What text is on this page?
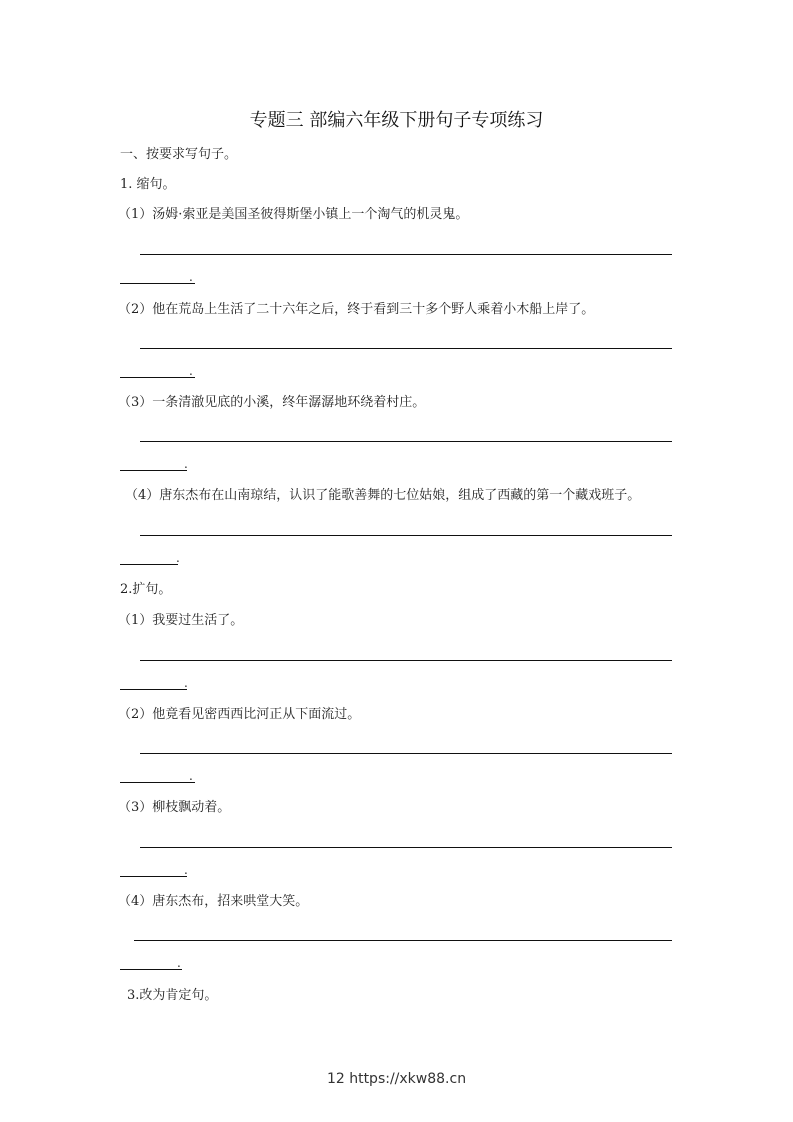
专题三 部编六年级下册句子专项练习
一、按要求写句子。
1. 缩句。
（1）汤姆·索亚是美国圣彼得斯堡小镇上一个淘气的机灵鬼。
.
（2）他在荒岛上生活了二十六年之后，终于看到三十多个野人乘着小木船上岸了。
.
（3）一条清澈见底的小溪，终年潺潺地环绕着村庄。
.
（4）唐东杰布在山南琼结，认识了能歌善舞的七位姑娘，组成了西藏的第一个藏戏班子。
.
2.扩句。
（1）我要过生活了。
.
（2）他竟看见密西西比河正从下面流过。
.
（3）柳枝飘动着。
.
（4）唐东杰布，招来哄堂大笑。
.
3.改为肯定句。
12 https://xkw88.cn
